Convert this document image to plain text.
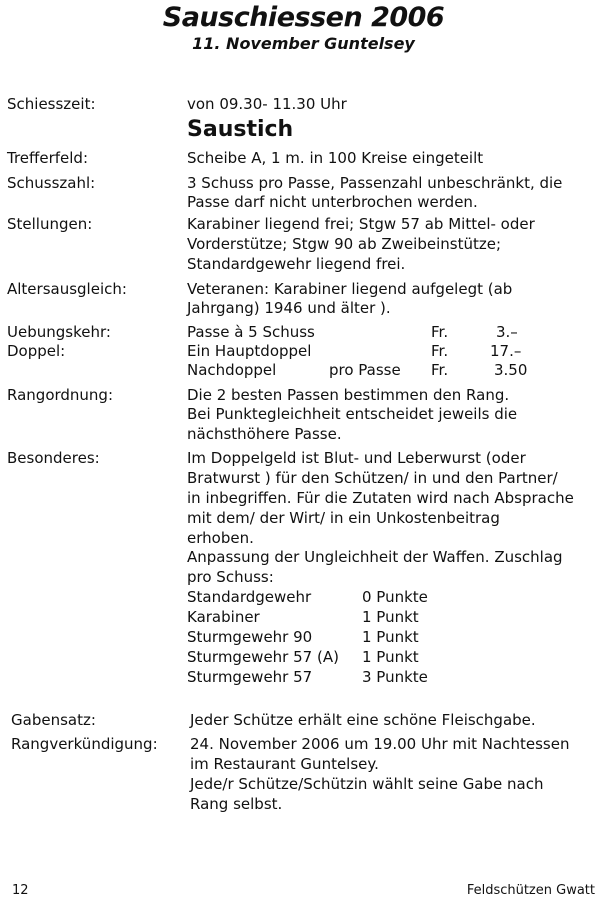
Sauschiessen 2006
11. November Guntelsey
Schiesszeit:	von 09.30- 11.30 Uhr
Saustich
Trefferfeld:	Scheibe A, 1 m. in 100 Kreise eingeteilt
Schusszahl:	3 Schuss pro Passe, Passenzahl unbeschränkt, die
Passe darf nicht unterbrochen werden.
Stellungen:	Karabiner liegend frei; Stgw 57 ab Mittel- oder
Vorderstütze; Stgw 90 ab Zweibeinstütze;
Standardgewehr liegend frei.
Altersausgleich:	Veteranen: Karabiner liegend aufgelegt (ab
Jahrgang) 1946 und älter ).
Uebungskehr:	Passe à 5 Schuss	Fr.	3.–
Doppel:	Ein Hauptdoppel	Fr.	17.–
Nachdoppel	pro Passe Fr.	3.50
Rangordnung:	Die 2 besten Passen bestimmen den Rang.
Bei Punktegleichheit entscheidet jeweils die
nächsthöhere Passe.
Besonderes:	Im Doppelgeld ist Blut- und Leberwurst (oder
Bratwurst ) für den Schützen/ in und den Partner/
in inbegriffen. Für die Zutaten wird nach Absprache
mit dem/ der Wirt/ in ein Unkostenbeitrag
erhoben.
Anpassung der Ungleichheit der Waffen. Zuschlag
pro Schuss:
Standardgewehr	0 Punkte
Karabiner	1 Punkt
Sturmgewehr 90	1 Punkt
Sturmgewehr 57 (A) 1 Punkt
Sturmgewehr 57	3 Punkte
Gabensatz:	Jeder Schütze erhält eine schöne Fleischgabe.
Rangverkündigung: 24. November 2006 um 19.00 Uhr mit Nachtessen
im Restaurant Guntelsey.
Jede/r Schütze/Schützin wählt seine Gabe nach
Rang selbst.
12	Feldschützen Gwatt
